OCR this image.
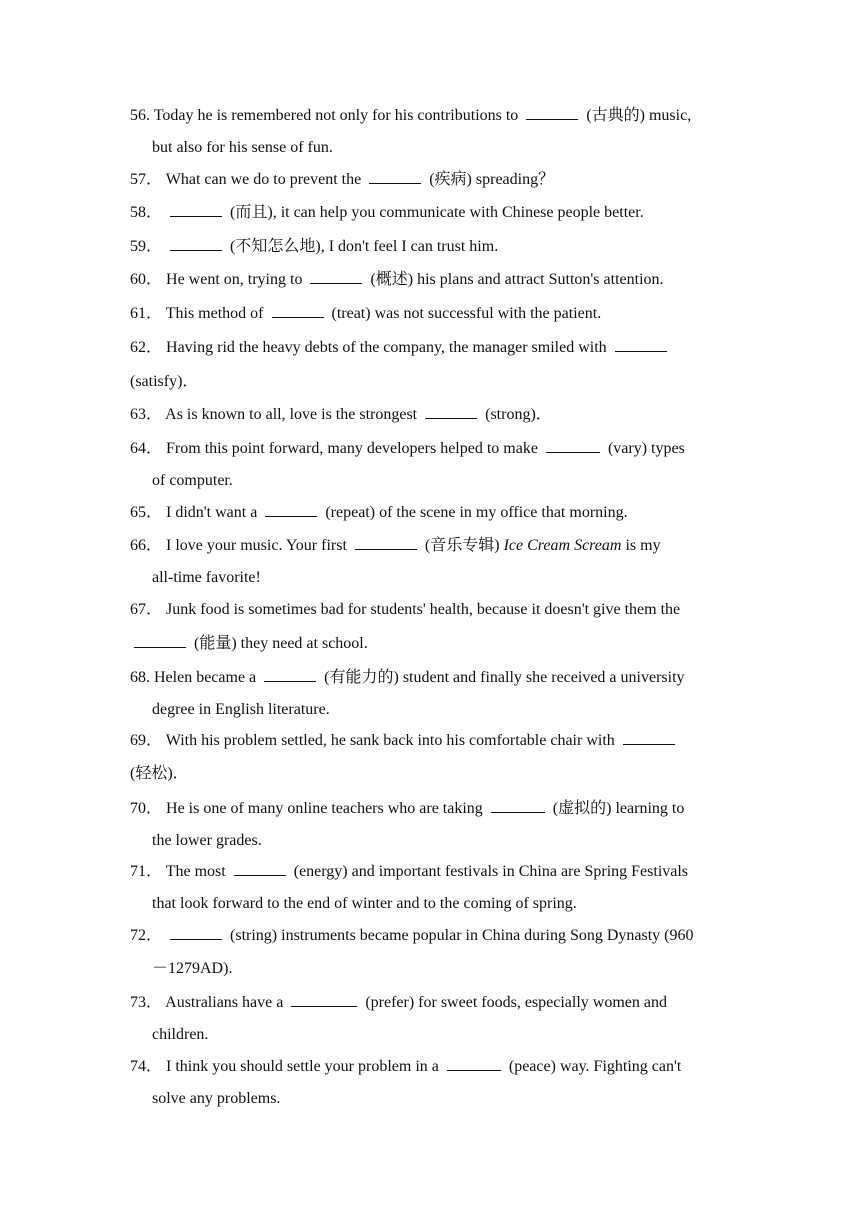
56. Today he is remembered not only for his contributions to	(古典的) music,
but also for his sense of fun.
57． What can we do to prevent the	(疾病) spreading？
58．	(而且), it can help you communicate with Chinese people better.
59．	(不知怎么地), I don't feel I can trust him.
60． He went on, trying to	(概述) his plans and attract Sutton's attention.
61． This method of	(treat) was not successful with the patient.
62． Having rid the heavy debts of the company, the manager smiled with
(satisfy)．
63． As is known to all, love is the strongest	(strong)．
64． From this point forward, many developers helped to make	(vary) types
of computer.
65． I didn't want a	(repeat) of the scene in my office that morning.
66． I love your music. Your first	(音乐专辑) Ice Cream Scream is my
all-time favorite!
67． Junk food is sometimes bad for students' health, because it doesn't give them the
(能量) they need at school.
68. Helen became a	(有能力的) student and finally she received a university
degree in English literature.
69． With his problem settled, he sank back into his comfortable chair with
(轻松)．
70． He is one of many online teachers who are taking	(虚拟的) learning to
the lower grades.
71． The most	(energy) and important festivals in China are Spring Festivals
that look forward to the end of winter and to the coming of spring.
72．	(string) instruments became popular in China during Song Dynasty (960
－1279AD).
73． Australians have a	(prefer) for sweet foods, especially women and
children.
74． I think you should settle your problem in a	(peace) way. Fighting can't
solve any problems.
